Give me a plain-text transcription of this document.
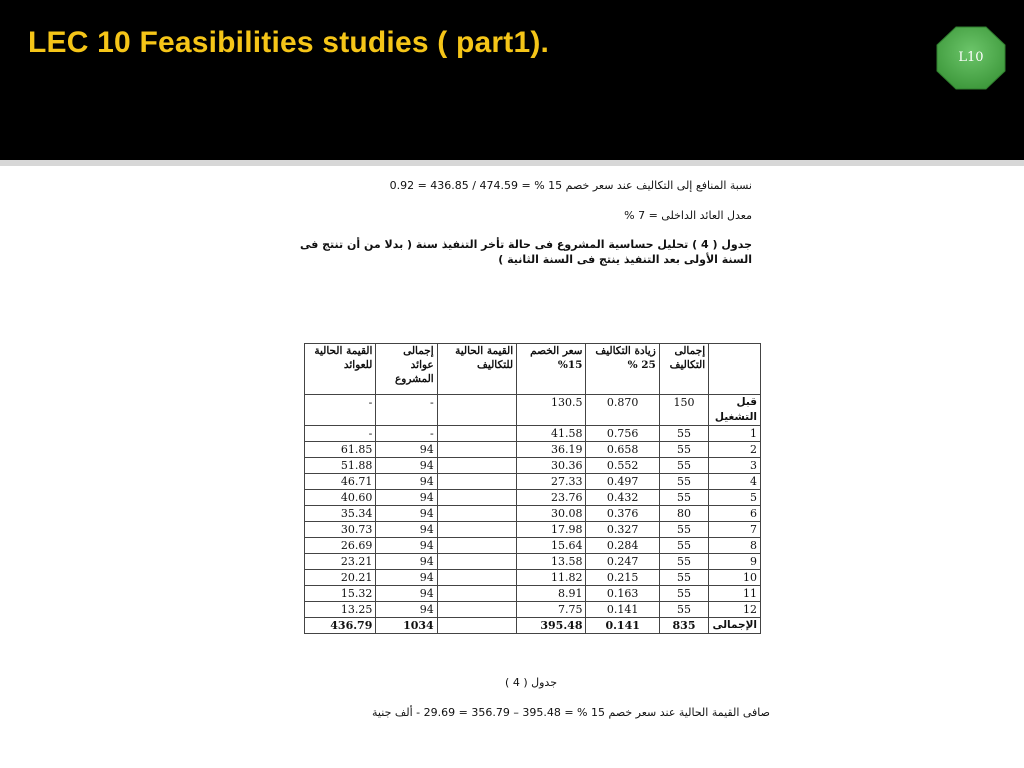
LEC 10 Feasibilities studies ( part1).	L10
نسبة المنافع إلى التكاليف عند سعر خصم 15 % = 474.59 / 436.85 = 0.92
معدل العائد الداخلى = 7 %
جدول ( 4 ) تحليل حساسية المشروع فى حالة تأخر التنفيذ سنة ( بدلا من أن تنتج فى
السنة الأولى بعد التنفيذ ينتج فى السنة الثانية )
القيمة الحالية للعوائد	إجمالى عوائد المشروع	القيمة الحالية للتكاليف	سعر الخصم 15%	زيادة التكاليف 25 %	إجمالى التكاليف	
-	-		130.5	0.870	150	قبل التشغيل
-	-		41.58	0.756	55	1
61.85	94		36.19	0.658	55	2
51.88	94		30.36	0.552	55	3
46.71	94		27.33	0.497	55	4
40.60	94		23.76	0.432	55	5
35.34	94		30.08	0.376	80	6
30.73	94		17.98	0.327	55	7
26.69	94		15.64	0.284	55	8
23.21	94		13.58	0.247	55	9
20.21	94		11.82	0.215	55	10
15.32	94		8.91	0.163	55	11
13.25	94		7.75	0.141	55	12
436.79	1034		395.48	0.141	835	الإجمالى
جدول ( 4 )
صافى القيمة الحالية عند سعر خصم 15 % = 395.48 – 356.79 = 29.69 - ألف جنية
